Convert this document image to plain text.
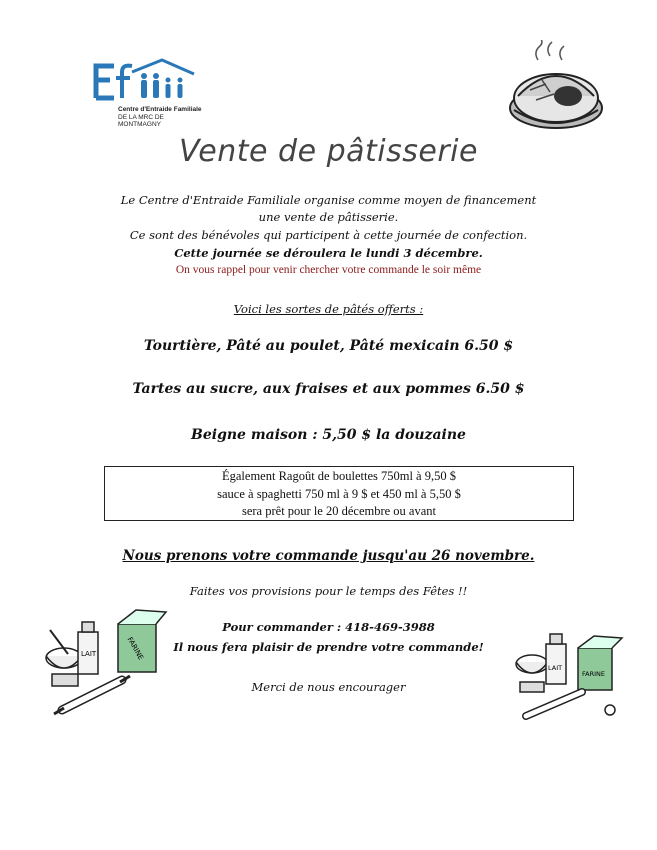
Centre d'Entraide Familiale
DE LA MRC DE MONTMAGNY
Vente de pâtisserie
Le Centre d'Entraide Familiale organise comme moyen de financement
une vente de pâtisserie.
Ce sont des bénévoles qui participent à cette journée de confection.
Cette journée se déroulera le lundi 3 décembre.
On vous rappel pour venir chercher votre commande le soir même
Voici les sortes de pâtés offerts :
Tourtière, Pâté au poulet, Pâté mexicain 6.50 $
Tartes au sucre, aux fraises et aux pommes 6.50 $
Beigne maison : 5,50 $ la douzaine
Également Ragoût de boulettes 750ml à 9,50 $
sauce à spaghetti 750 ml à 9 $ et 450 ml à 5,50 $
sera prêt pour le 20 décembre ou avant
Nous prenons votre commande jusqu'au 26 novembre.
Faites vos provisions pour le temps des Fêtes !!
Pour commander : 418-469-3988
Il nous fera plaisir de prendre votre commande!
Merci de nous encourager
LAIT	FARINE
LAIT
FARINE
